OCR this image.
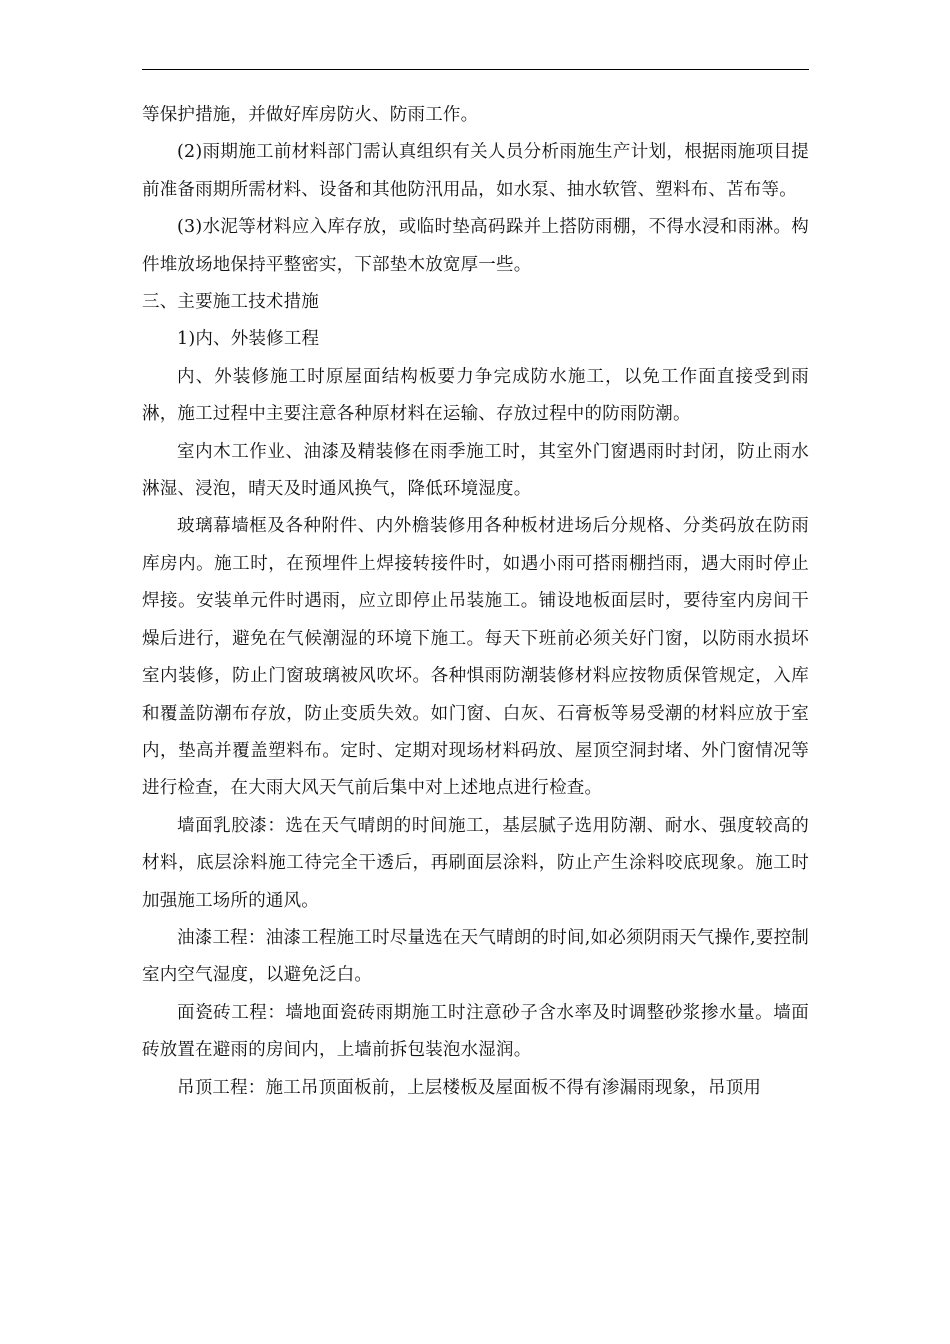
等保护措施，并做好库房防火、防雨工作。

(2)雨期施工前材料部门需认真组织有关人员分析雨施生产计划，根据雨施项目提前准备雨期所需材料、设备和其他防汛用品，如水泵、抽水软管、塑料布、苫布等。

(3)水泥等材料应入库存放，或临时垫高码跺并上搭防雨棚，不得水浸和雨淋。构件堆放场地保持平整密实，下部垫木放宽厚一些。

三、主要施工技术措施

1)内、外装修工程

内、外装修施工时原屋面结构板要力争完成防水施工，以免工作面直接受到雨淋，施工过程中主要注意各种原材料在运输、存放过程中的防雨防潮。

室内木工作业、油漆及精装修在雨季施工时，其室外门窗遇雨时封闭，防止雨水淋湿、浸泡，晴天及时通风换气，降低环境湿度。

玻璃幕墙框及各种附件、内外檐装修用各种板材进场后分规格、分类码放在防雨库房内。施工时，在预埋件上焊接转接件时，如遇小雨可搭雨棚挡雨，遇大雨时停止焊接。安装单元件时遇雨，应立即停止吊装施工。铺设地板面层时，要待室内房间干燥后进行，避免在气候潮湿的环境下施工。每天下班前必须关好门窗，以防雨水损坏室内装修，防止门窗玻璃被风吹坏。各种惧雨防潮装修材料应按物质保管规定，入库和覆盖防潮布存放，防止变质失效。如门窗、白灰、石膏板等易受潮的材料应放于室内，垫高并覆盖塑料布。定时、定期对现场材料码放、屋顶空洞封堵、外门窗情况等进行检查，在大雨大风天气前后集中对上述地点进行检查。

墙面乳胶漆：选在天气晴朗的时间施工，基层腻子选用防潮、耐水、强度较高的材料，底层涂料施工待完全干透后，再刷面层涂料，防止产生涂料咬底现象。施工时加强施工场所的通风。

油漆工程：油漆工程施工时尽量选在天气晴朗的时间,如必须阴雨天气操作,要控制室内空气湿度，以避免泛白。

面瓷砖工程：墙地面瓷砖雨期施工时注意砂子含水率及时调整砂浆掺水量。墙面砖放置在避雨的房间内，上墙前拆包装泡水湿润。

吊顶工程：施工吊顶面板前，上层楼板及屋面板不得有渗漏雨现象，吊顶用
